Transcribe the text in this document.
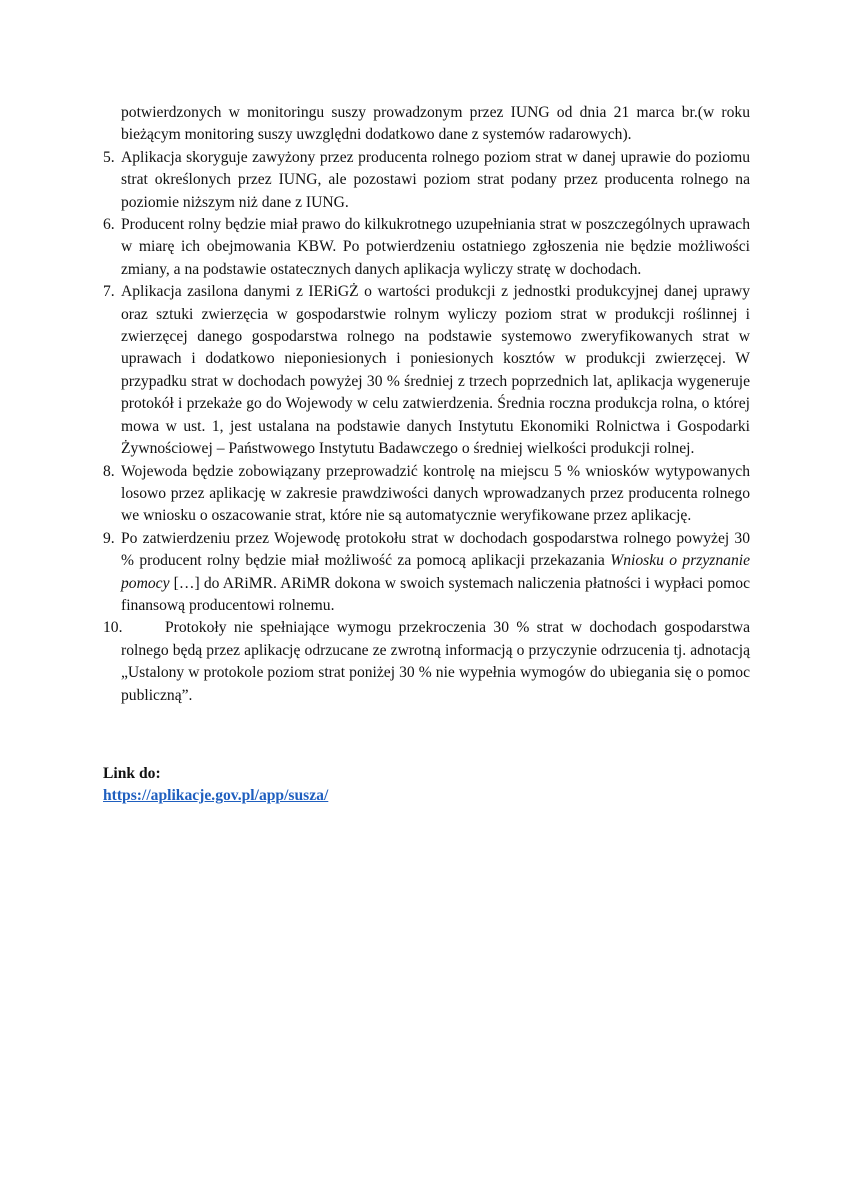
potwierdzonych w monitoringu suszy prowadzonym przez IUNG od dnia 21 marca br.(w roku bieżącym monitoring suszy uwzględni dodatkowo dane z systemów radarowych).
5. Aplikacja skoryguje zawyżony przez producenta rolnego poziom strat w danej uprawie do poziomu strat określonych przez IUNG, ale pozostawi poziom strat podany przez producenta rolnego na poziomie niższym niż dane z IUNG.
6. Producent rolny będzie miał prawo do kilkukrotnego uzupełniania strat w poszczególnych uprawach w miarę ich obejmowania KBW. Po potwierdzeniu ostatniego zgłoszenia nie będzie możliwości zmiany, a na podstawie ostatecznych danych aplikacja wyliczy stratę w dochodach.
7. Aplikacja zasilona danymi z IERiGŻ o wartości produkcji z jednostki produkcyjnej danej uprawy oraz sztuki zwierzęcia w gospodarstwie rolnym wyliczy poziom strat w produkcji roślinnej i zwierzęcej danego gospodarstwa rolnego na podstawie systemowo zweryfikowanych strat w uprawach i dodatkowo nieponiesionych i poniesionych kosztów w produkcji zwierzęcej. W przypadku strat w dochodach powyżej 30 % średniej z trzech poprzednich lat, aplikacja wygeneruje protokół i przekaże go do Wojewody w celu zatwierdzenia. Średnia roczna produkcja rolna, o której mowa w ust. 1, jest ustalana na podstawie danych Instytutu Ekonomiki Rolnictwa i Gospodarki Żywnościowej – Państwowego Instytutu Badawczego o średniej wielkości produkcji rolnej.
8. Wojewoda będzie zobowiązany przeprowadzić kontrolę na miejscu 5 % wniosków wytypowanych losowo przez aplikację w zakresie prawdziwości danych wprowadzanych przez producenta rolnego we wniosku o oszacowanie strat, które nie są automatycznie weryfikowane przez aplikację.
9. Po zatwierdzeniu przez Wojewodę protokołu strat w dochodach gospodarstwa rolnego powyżej 30 % producent rolny będzie miał możliwość za pomocą aplikacji przekazania Wniosku o przyznanie pomocy […] do ARiMR. ARiMR dokona w swoich systemach naliczenia płatności i wypłaci pomoc finansową producentowi rolnemu.
10.	Protokoły nie spełniające wymogu przekroczenia 30 % strat w dochodach gospodarstwa rolnego będą przez aplikację odrzucane ze zwrotną informacją o przyczynie odrzucenia tj. adnotacją „Ustalony w protokole poziom strat poniżej 30 % nie wypełnia wymogów do ubiegania się o pomoc publiczną”.
Link do:
https://aplikacje.gov.pl/app/susza/
